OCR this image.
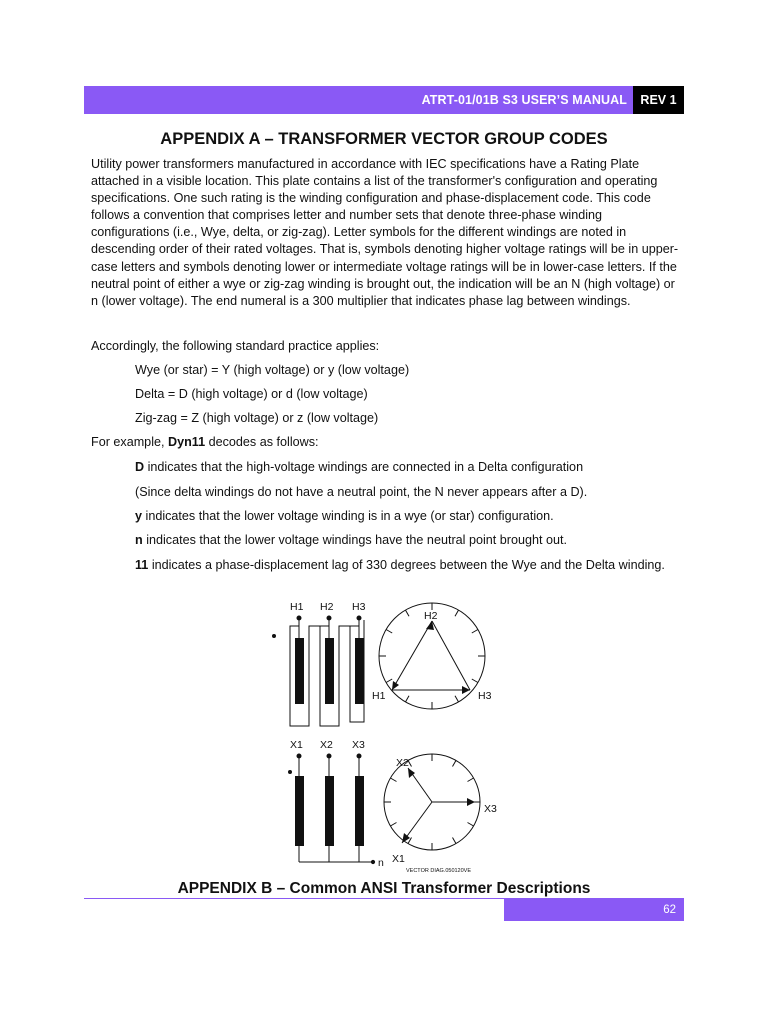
ATRT-01/01B S3 USER’S MANUAL	REV 1
APPENDIX A – TRANSFORMER VECTOR GROUP CODES

Utility power transformers manufactured in accordance with IEC specifications have a Rating Plate attached in a visible location. This plate contains a list of the transformer's configuration and operating specifications. One such rating is the winding configuration and phase-displacement code. This code follows a convention that comprises letter and number sets that denote three-phase winding configurations (i.e., Wye, delta, or zig-zag). Letter symbols for the different windings are noted in descending order of their rated voltages. That is, symbols denoting higher voltage ratings will be in upper-case letters and symbols denoting lower or intermediate voltage ratings will be in lower-case letters. If the neutral point of either a wye or zig-zag winding is brought out, the indication will be an N (high voltage) or n (lower voltage). The end numeral is a 300 multiplier that indicates phase lag between windings.

Accordingly, the following standard practice applies:

Wye (or star) = Y (high voltage) or y (low voltage)

Delta = D (high voltage) or d (low voltage)

Zig-zag = Z (high voltage) or z (low voltage)

For example, Dyn11 decodes as follows:

D indicates that the high-voltage windings are connected in a Delta configuration

(Since delta windings do not have a neutral point, the N never appears after a D).

y indicates that the lower voltage winding is in a wye (or star) configuration.

n indicates that the lower voltage windings have the neutral point brought out.

11 indicates a phase-displacement lag of 330 degrees between the Wye and the Delta winding.

H1 H2 H3
H2
H1	H3
X1 X2 X3
n
X2
X3
X1
VECTOR DIAG.050120VE
APPENDIX B – Common ANSI Transformer Descriptions
62
